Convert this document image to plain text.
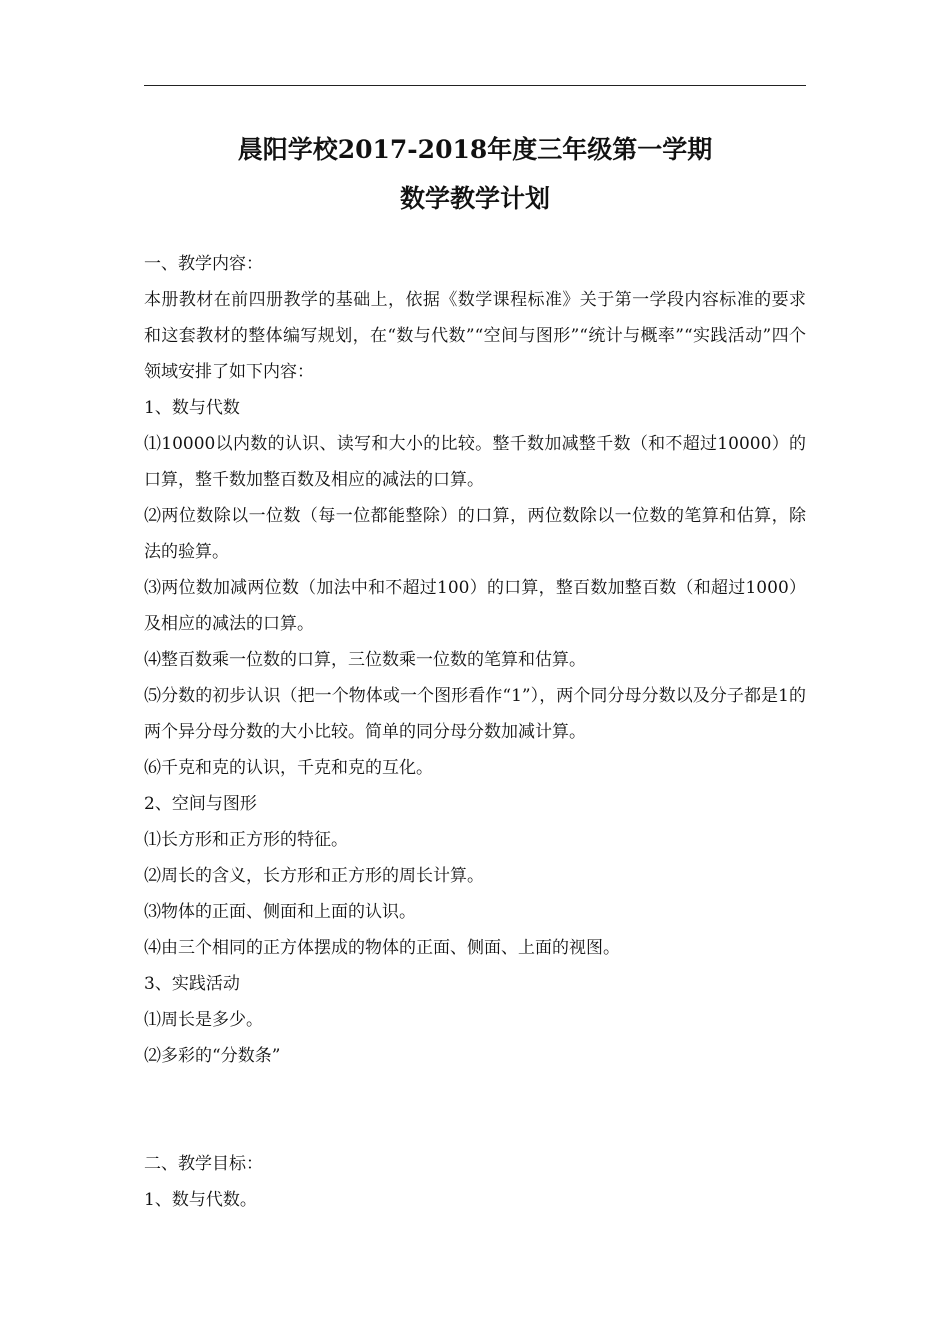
晨阳学校2017-2018年度三年级第一学期
数学教学计划

一、教学内容：

本册教材在前四册教学的基础上，依据《数学课程标准》关于第一学段内容标准的要求和这套教材的整体编写规划，在“数与代数”“空间与图形”“统计与概率”“实践活动”四个领域安排了如下内容：

1、数与代数

⑴10000以内数的认识、读写和大小的比较。整千数加减整千数（和不超过10000）的口算，整千数加整百数及相应的减法的口算。

⑵两位数除以一位数（每一位都能整除）的口算，两位数除以一位数的笔算和估算，除法的验算。

⑶两位数加减两位数（加法中和不超过100）的口算，整百数加整百数（和超过1000）及相应的减法的口算。

⑷整百数乘一位数的口算，三位数乘一位数的笔算和估算。

⑸分数的初步认识（把一个物体或一个图形看作“1”），两个同分母分数以及分子都是1的两个异分母分数的大小比较。简单的同分母分数加减计算。

⑹千克和克的认识，千克和克的互化。

2、空间与图形

⑴长方形和正方形的特征。

⑵周长的含义，长方形和正方形的周长计算。

⑶物体的正面、侧面和上面的认识。

⑷由三个相同的正方体摆成的物体的正面、侧面、上面的视图。

3、实践活动

⑴周长是多少。

⑵多彩的“分数条”

二、教学目标：

1、数与代数。
